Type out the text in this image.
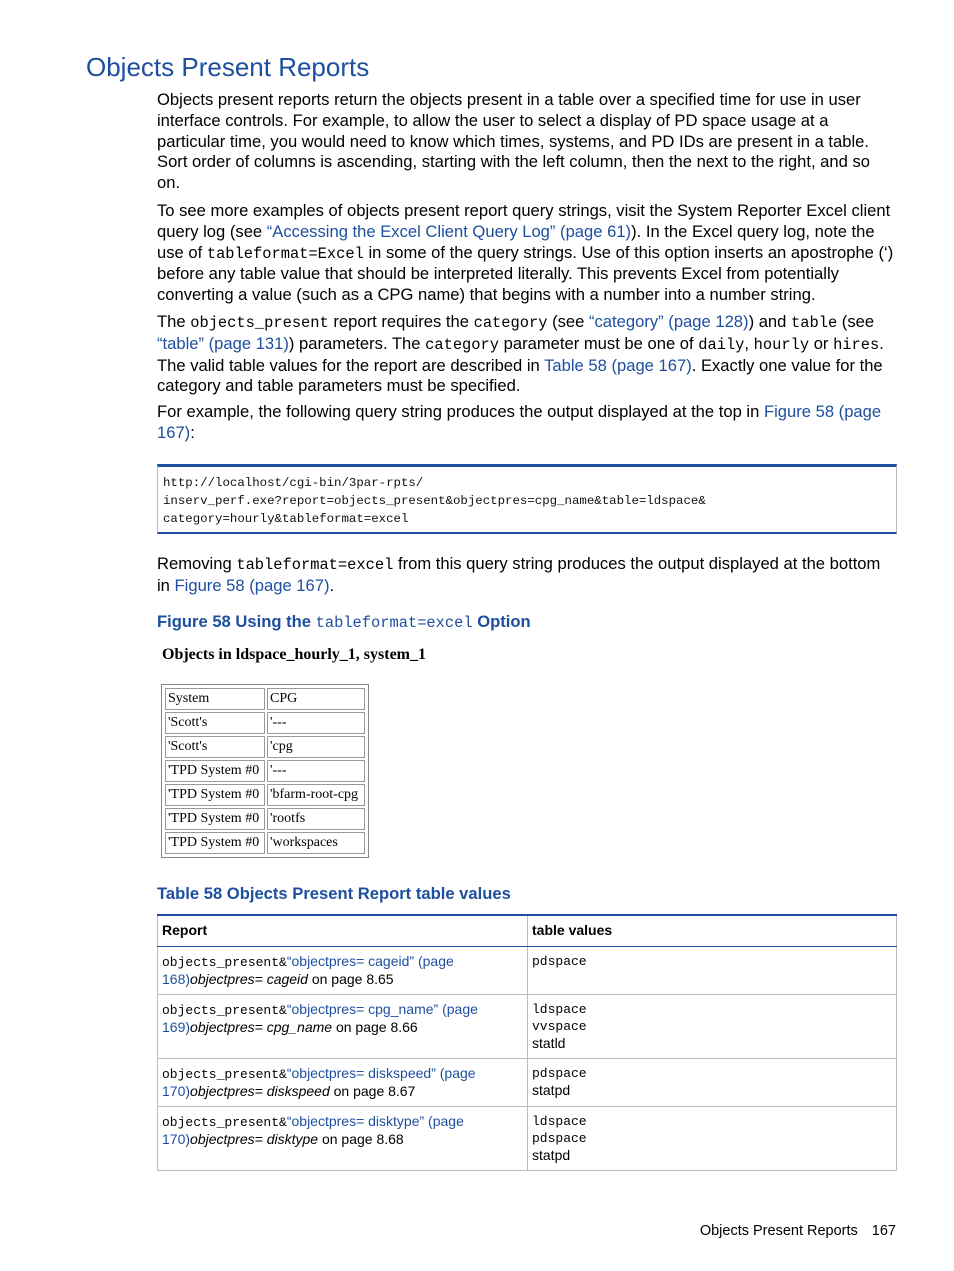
Objects Present Reports

Objects present reports return the objects present in a table over a specified time for use in user interface controls. For example, to allow the user to select a display of PD space usage at a particular time, you would need to know which times, systems, and PD IDs are present in a table. Sort order of columns is ascending, starting with the left column, then the next to the right, and so on.

To see more examples of objects present report query strings, visit the System Reporter Excel client query log (see “Accessing the Excel Client Query Log” (page 61)). In the Excel query log, note the use of tableformat=Excel in some of the query strings. Use of this option inserts an apostrophe (‘) before any table value that should be interpreted literally. This prevents Excel from potentially converting a value (such as a CPG name) that begins with a number into a number string.

The objects_present report requires the category (see “category” (page 128)) and table (see “table” (page 131)) parameters. The category parameter must be one of daily, hourly or hires. The valid table values for the report are described in Table 58 (page 167). Exactly one value for the category and table parameters must be specified.

For example, the following query string produces the output displayed at the top in Figure 58 (page 167):

http://localhost/cgi-bin/3par-rpts/
inserv_perf.exe?report=objects_present&objectpres=cpg_name&table=ldspace&
category=hourly&tableformat=excel

Removing tableformat=excel from this query string produces the output displayed at the bottom in Figure 58 (page 167).

Figure 58 Using the tableformat=excel Option
Objects in ldspace_hourly_1, system_1
System	CPG
'Scott's	'---
'Scott's	'cpg
'TPD System #0	'---
'TPD System #0	'bfarm-root-cpg
'TPD System #0	'rootfs
'TPD System #0	'workspaces
Table 58 Objects Present Report table values
Report	table values
objects_present&“objectpres= cageid” (page 168)objectpres= cageid on page 8.65	pdspace

objects_present&“objectpres= cpg_name” (page 169)objectpres= cpg_name on page 8.66	ldspace
vvspace
statld

objects_present&“objectpres= diskspeed” (page 170)objectpres= diskspeed on page 8.67	pdspace
statpd

objects_present&“objectpres= disktype” (page 170)objectpres= disktype on page 8.68	ldspace
pdspace
statpd
Objects Present Reports 167
